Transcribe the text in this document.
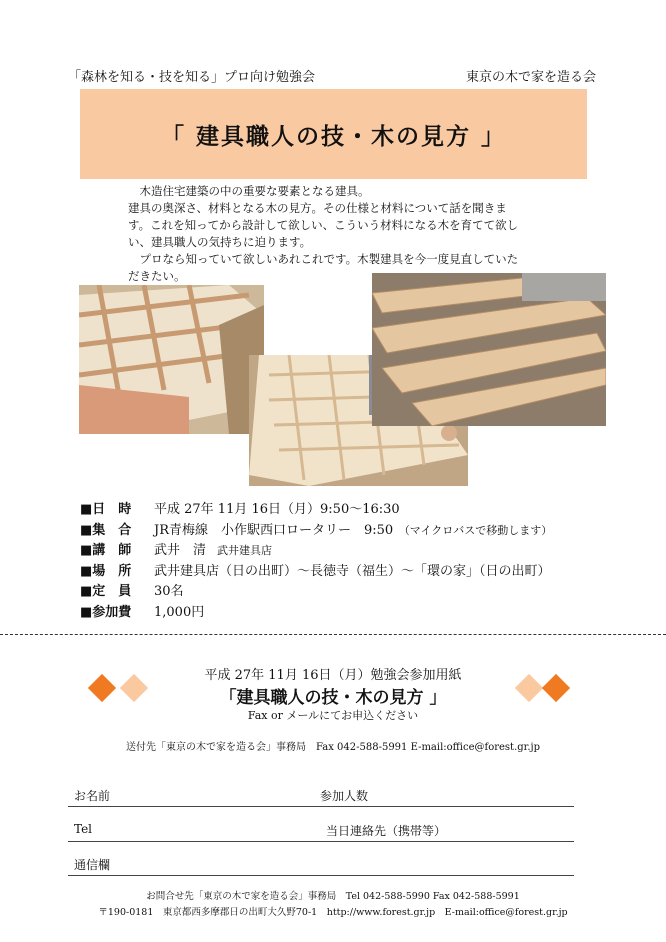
「森林を知る・技を知る」プロ向け勉強会	東京の木で家を造る会
「 建具職人の技・木の見方 」

木造住宅建築の中の重要な要素となる建具。

建具の奥深さ、材料となる木の見方。その仕様と材料について話を聞きます。これを知ってから設計して欲しい、こういう材料になる木を育てて欲しい、建具職人の気持ちに迫ります。

プロなら知っていて欲しいあれこれです。木製建具を今一度見直していただきたい。

■日　時	平成 27年 11月 16日（月）9:50〜16:30
■集　合	JR青梅線　小作駅西口ロータリー　9:50 　（マイクロバスで移動します）
■講　師	武井　清 　武井建具店
■場　所	武井建具店（日の出町）〜長徳寺（福生）〜「環の家」（日の出町）
■定　員	30名
■参加費	1,000円
平成 27年 11月 16日（月）勉強会参加用紙
「建具職人の技・木の見方 」
Fax or メールにてお申込ください
送付先「東京の木で家を造る会」事務局　Fax 042-588-5991 E-mail:office@forest.gr.jp
お名前	参加人数
Tel	当日連絡先（携帯等）
通信欄
お問合せ先「東京の木で家を造る会」事務局　Tel 042-588-5990 Fax 042-588-5991
〒190-0181　東京都西多摩郡日の出町大久野70-1　http://www.forest.gr.jp　E-mail:office@forest.gr.jp
